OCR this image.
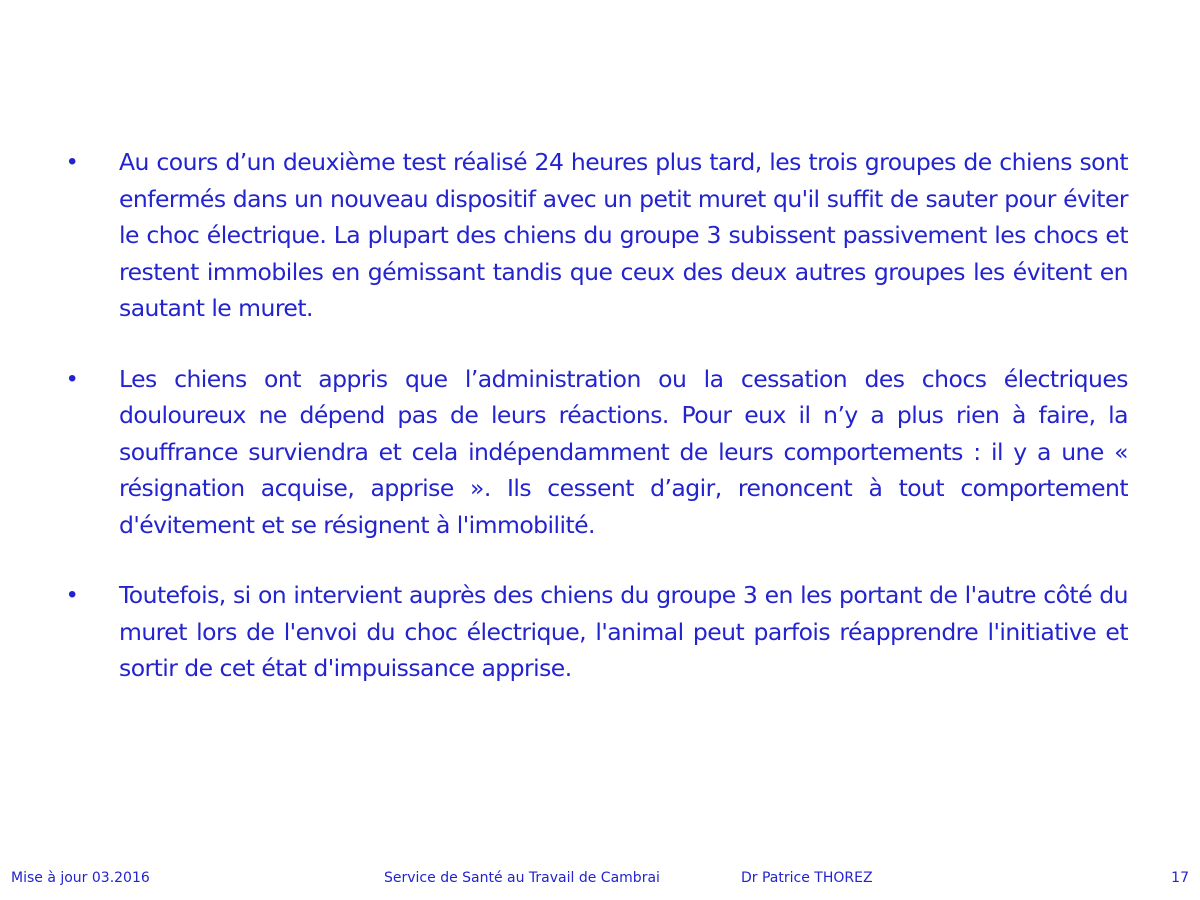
•	Au cours d’un deuxième test réalisé 24 heures plus tard, les trois groupes de chiens sont enfermés dans un nouveau dispositif avec un petit muret qu'il suffit de sauter pour éviter le choc électrique. La plupart des chiens du groupe 3 subissent passivement les chocs et restent immobiles en gémissant tandis que ceux des deux autres groupes les évitent en sautant le muret.
•	Les chiens ont appris que l’administration ou la cessation des chocs électriques douloureux ne dépend pas de leurs réactions. Pour eux il n’y a plus rien à faire, la souffrance surviendra et cela indépendamment de leurs comportements : il y a une « résignation acquise, apprise ». Ils cessent d’agir, renoncent à tout comportement d'évitement et se résignent à l'immobilité.
•	Toutefois, si on intervient auprès des chiens du groupe 3 en les portant de l'autre côté du muret lors de l'envoi du choc électrique, l'animal peut parfois réapprendre l'initiative et sortir de cet état d'impuissance apprise.
Mise à jour 03.2016	Service de Santé au Travail de Cambrai	Dr Patrice THOREZ	17
